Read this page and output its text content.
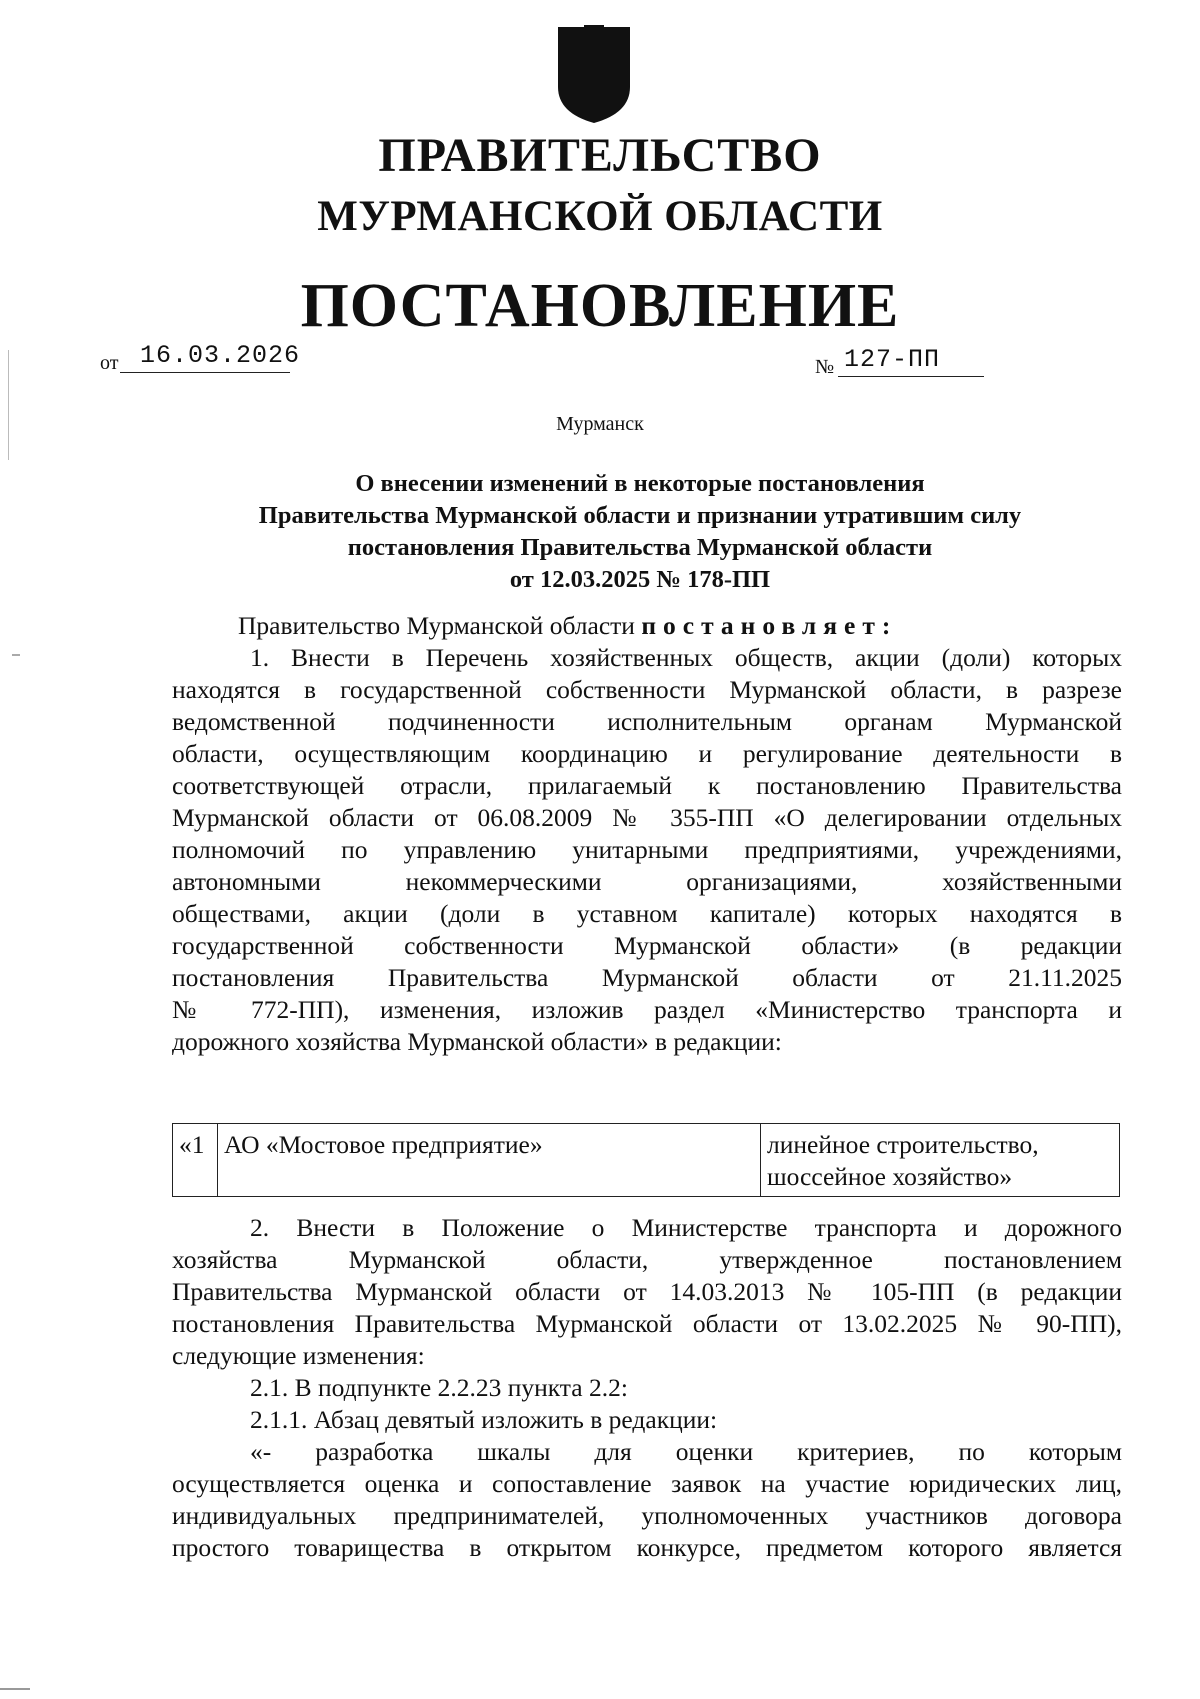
ПРАВИТЕЛЬСТВО
МУРМАНСКОЙ ОБЛАСТИ
ПОСТАНОВЛЕНИЕ
от 16.03.2026	№ 127-ПП
Мурманск
О внесении изменений в некоторые постановления
Правительства Мурманской области и признании утратившим силу
постановления Правительства Мурманской области
от 12.03.2025 № 178-ПП
Правительство Мурманской области постановляет:
1. Внести в Перечень хозяйственных обществ, акции (доли) которых
находятся в государственной собственности Мурманской области, в разрезе
ведомственной подчиненности исполнительным органам Мурманской
области, осуществляющим координацию и регулирование деятельности в
соответствующей отрасли, прилагаемый к постановлению Правительства
Мурманской области от 06.08.2009 № 355-ПП «О делегировании отдельных
полномочий по управлению унитарными предприятиями, учреждениями,
автономными некоммерческими организациями, хозяйственными
обществами, акции (доли в уставном капитале) которых находятся в
государственной собственности Мурманской области» (в редакции
постановления Правительства Мурманской области от 21.11.2025
№ 772-ПП), изменения, изложив раздел «Министерство транспорта и
дорожного хозяйства Мурманской области» в редакции:
«1	АО «Мостовое предприятие»	линейное строительство,
шоссейное хозяйство»
2. Внести в Положение о Министерстве транспорта и дорожного
хозяйства Мурманской области, утвержденное постановлением
Правительства Мурманской области от 14.03.2013 № 105-ПП (в редакции
постановления Правительства Мурманской области от 13.02.2025 № 90-ПП),
следующие изменения:
2.1. В подпункте 2.2.23 пункта 2.2:
2.1.1. Абзац девятый изложить в редакции:
«- разработка шкалы для оценки критериев, по которым
осуществляется оценка и сопоставление заявок на участие юридических лиц,
индивидуальных предпринимателей, уполномоченных участников договора
простого товарищества в открытом конкурсе, предметом которого является
